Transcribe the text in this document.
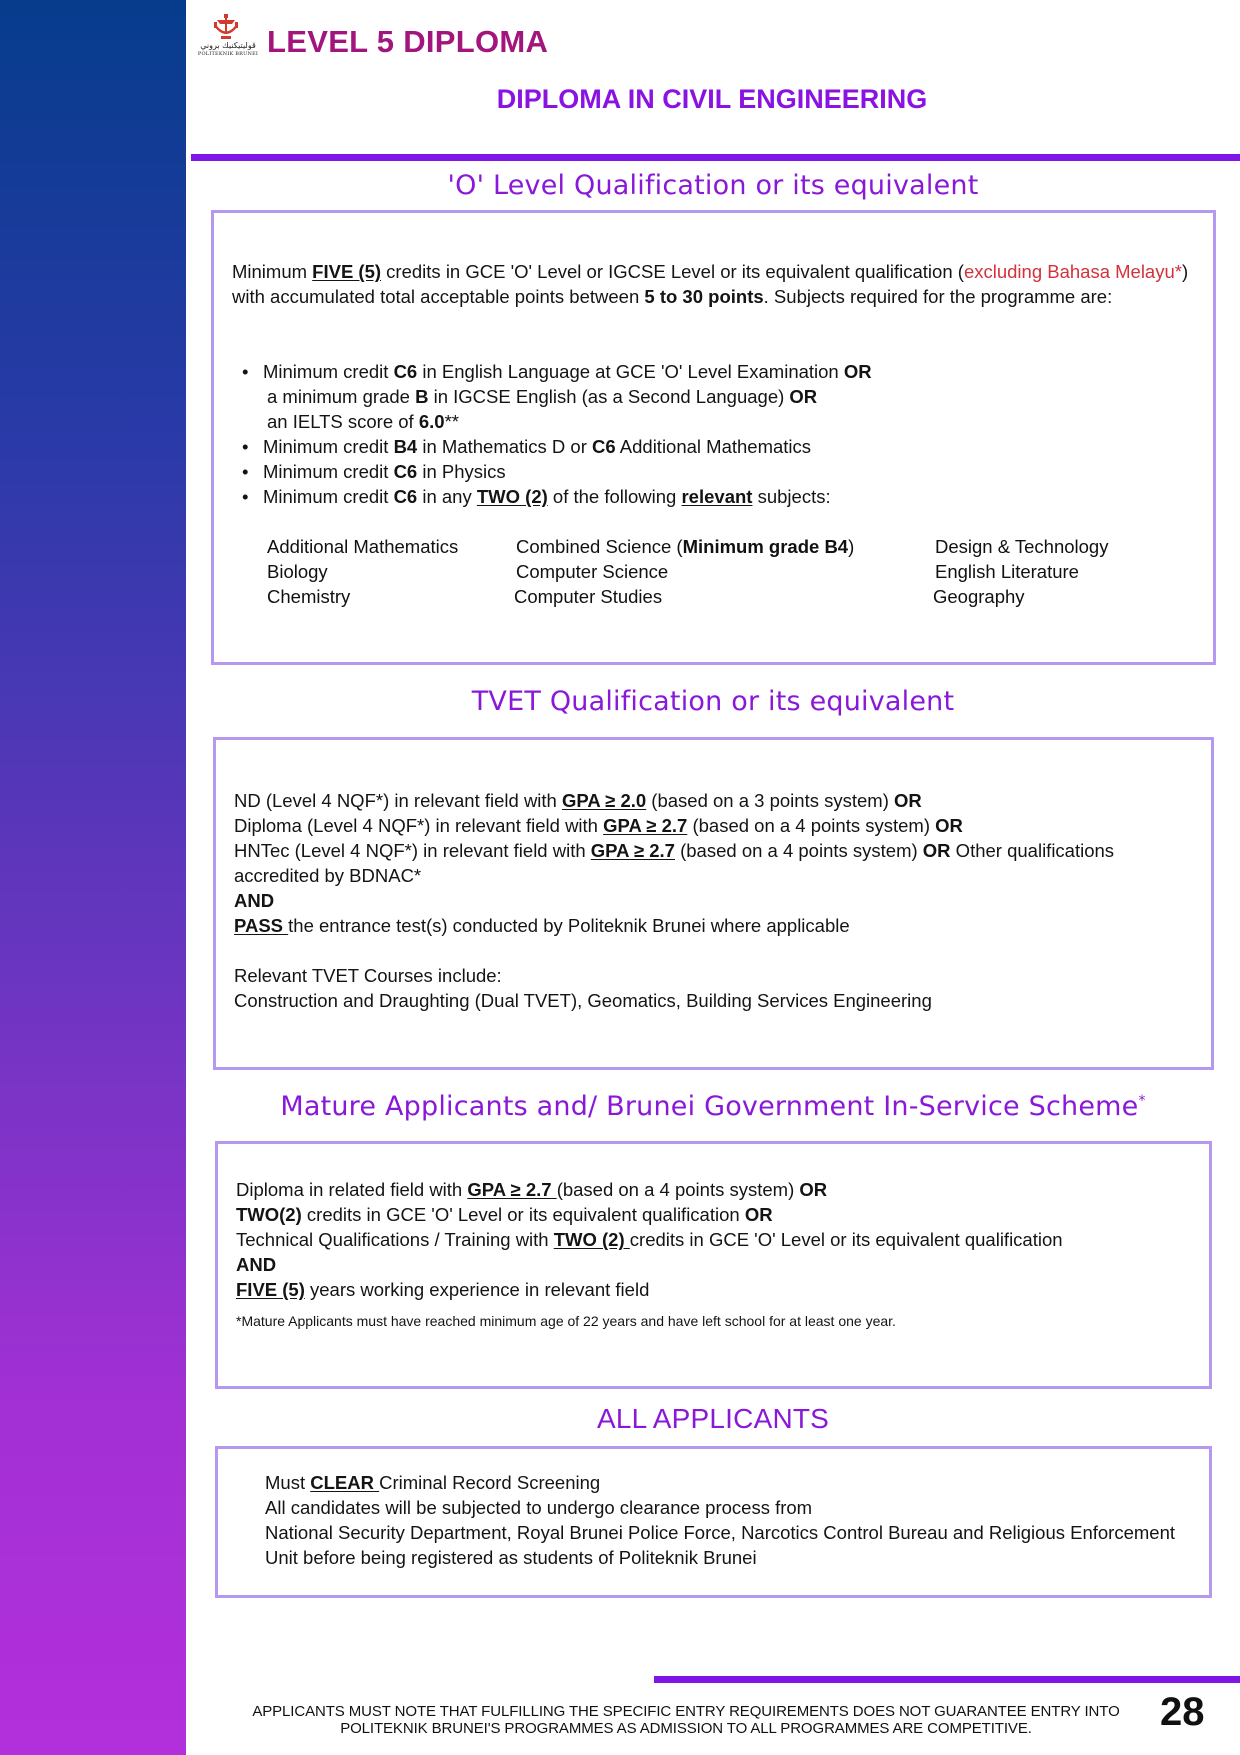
ڤوليتيكنيك بروني
POLITEKNIK BRUNEI LEVEL 5 DIPLOMA
DIPLOMA IN CIVIL ENGINEERING
'O' Level Qualification or its equivalent
Minimum FIVE (5) credits in GCE 'O' Level or IGCSE Level or its equivalent qualification (excluding Bahasa Melayu*) with accumulated total acceptable points between 5 to 30 points. Subjects required for the programme are:
• Minimum credit C6 in English Language at GCE 'O' Level Examination OR
a minimum grade B in IGCSE English (as a Second Language) OR
an IELTS score of 6.0**
• Minimum credit B4 in Mathematics D or C6 Additional Mathematics
• Minimum credit C6 in Physics
• Minimum credit C6 in any TWO (2) of the following relevant subjects:
Additional Mathematics
Biology
Chemistry
Combined Science (Minimum grade B4)
Computer Science
Computer Studies
Design & Technology
English Literature
Geography
TVET Qualification or its equivalent
ND (Level 4 NQF*) in relevant field with GPA ≥ 2.0 (based on a 3 points system) OR
Diploma (Level 4 NQF*) in relevant field with GPA ≥ 2.7 (based on a 4 points system) OR
HNTec (Level 4 NQF*) in relevant field with GPA ≥ 2.7 (based on a 4 points system) OR Other qualifications accredited by BDNAC*
AND
PASS the entrance test(s) conducted by Politeknik Brunei where applicable
Relevant TVET Courses include:
Construction and Draughting (Dual TVET), Geomatics, Building Services Engineering
Mature Applicants and/ Brunei Government In-Service Scheme*
Diploma in related field with GPA ≥ 2.7 (based on a 4 points system) OR
TWO(2) credits in GCE 'O' Level or its equivalent qualification OR
Technical Qualifications / Training with TWO (2) credits in GCE 'O' Level or its equivalent qualification
AND
FIVE (5) years working experience in relevant field
*Mature Applicants must have reached minimum age of 22 years and have left school for at least one year.
ALL APPLICANTS
Must CLEAR Criminal Record Screening
All candidates will be subjected to undergo clearance process from
National Security Department, Royal Brunei Police Force, Narcotics Control Bureau and Religious Enforcement Unit before being registered as students of Politeknik Brunei
APPLICANTS MUST NOTE THAT FULFILLING THE SPECIFIC ENTRY REQUIREMENTS DOES NOT GUARANTEE ENTRY INTO
POLITEKNIK BRUNEI'S PROGRAMMES AS ADMISSION TO ALL PROGRAMMES ARE COMPETITIVE.	28
